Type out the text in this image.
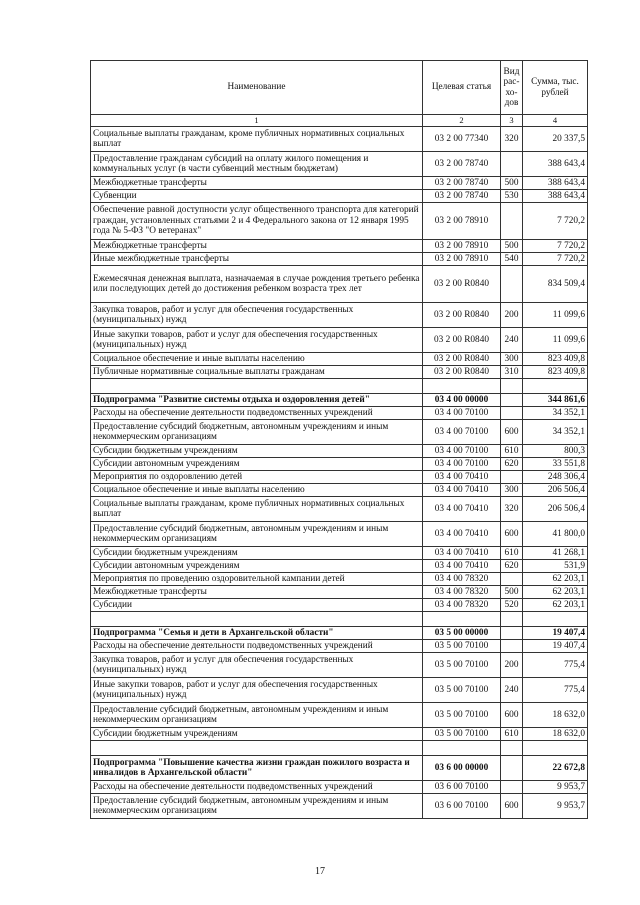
Наименование	Целевая статья	Вид рас-хо-дов	Сумма, тыс. рублей
1	2	3	4
Социальные выплаты гражданам, кроме публичных нормативных социальных выплат	03 2 00 77340	320	20 337,5
Предоставление гражданам субсидий на оплату жилого помещения и коммунальных услуг (в части субвенций местным бюджетам)	03 2 00 78740		388 643,4
Межбюджетные трансферты	03 2 00 78740	500	388 643,4
Субвенции	03 2 00 78740	530	388 643,4
Обеспечение равной доступности услуг общественного транспорта для категорий граждан, установленных статьями 2 и 4 Федерального закона от 12 января 1995 года № 5-ФЗ "О ветеранах"	03 2 00 78910		7 720,2
Межбюджетные трансферты	03 2 00 78910	500	7 720,2
Иные межбюджетные трансферты	03 2 00 78910	540	7 720,2
Ежемесячная денежная выплата, назначаемая в случае рождения третьего ребенка или последующих детей до достижения ребенком возраста трех лет	03 2 00 R0840		834 509,4
Закупка товаров, работ и услуг для обеспечения государственных (муниципальных) нужд	03 2 00 R0840	200	11 099,6
Иные закупки товаров, работ и услуг для обеспечения государственных (муниципальных) нужд	03 2 00 R0840	240	11 099,6
Социальное обеспечение и иные выплаты населению	03 2 00 R0840	300	823 409,8
Публичные нормативные социальные выплаты гражданам	03 2 00 R0840	310	823 409,8

Подпрограмма "Развитие системы отдыха и оздоровления детей"	03 4 00 00000		344 861,6
Расходы на обеспечение деятельности подведомственных учреждений	03 4 00 70100		34 352,1
Предоставление субсидий бюджетным, автономным учреждениям и иным некоммерческим организациям	03 4 00 70100	600	34 352,1
Субсидии бюджетным учреждениям	03 4 00 70100	610	800,3
Субсидии автономным учреждениям	03 4 00 70100	620	33 551,8
Мероприятия по оздоровлению детей	03 4 00 70410		248 306,4
Социальное обеспечение и иные выплаты населению	03 4 00 70410	300	206 506,4
Социальные выплаты гражданам, кроме публичных нормативных социальных выплат	03 4 00 70410	320	206 506,4
Предоставление субсидий бюджетным, автономным учреждениям и иным некоммерческим организациям	03 4 00 70410	600	41 800,0
Субсидии бюджетным учреждениям	03 4 00 70410	610	41 268,1
Субсидии автономным учреждениям	03 4 00 70410	620	531,9
Мероприятия по проведению оздоровительной кампании детей	03 4 00 78320		62 203,1
Межбюджетные трансферты	03 4 00 78320	500	62 203,1
Субсидии	03 4 00 78320	520	62 203,1

Подпрограмма "Семья и дети в Архангельской области"	03 5 00 00000		19 407,4
Расходы на обеспечение деятельности подведомственных учреждений	03 5 00 70100		19 407,4
Закупка товаров, работ и услуг для обеспечения государственных (муниципальных) нужд	03 5 00 70100	200	775,4
Иные закупки товаров, работ и услуг для обеспечения государственных (муниципальных) нужд	03 5 00 70100	240	775,4
Предоставление субсидий бюджетным, автономным учреждениям и иным некоммерческим организациям	03 5 00 70100	600	18 632,0
Субсидии бюджетным учреждениям	03 5 00 70100	610	18 632,0

Подпрограмма "Повышение качества жизни граждан пожилого возраста и инвалидов в Архангельской области"	03 6 00 00000		22 672,8
Расходы на обеспечение деятельности подведомственных учреждений	03 6 00 70100		9 953,7
Предоставление субсидий бюджетным, автономным учреждениям и иным некоммерческим организациям	03 6 00 70100	600	9 953,7
17
